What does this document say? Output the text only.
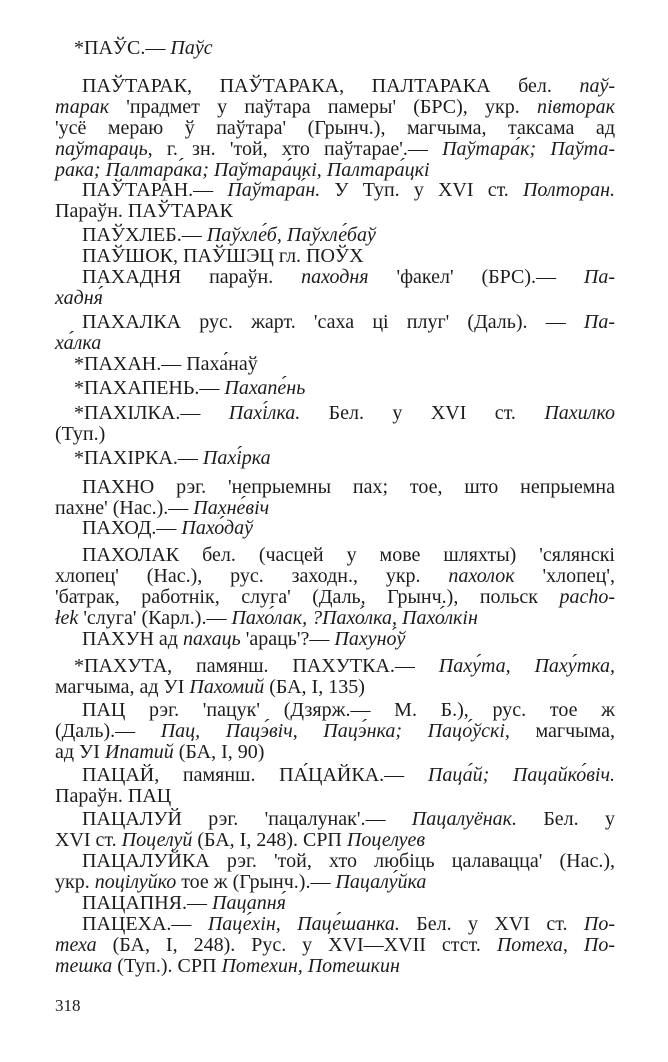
*ПАЎС.— Паўс
ПАЎТАРАК, ПАЎТАРАКА, ПАЛТАРАКА бел. паў-
тарак 'прадмет у паўтара памеры' (БРС), укр. півторак
'усё мераю ў паўтара' (Грынч.), магчыма, таксама ад
паўтараць, г. зн. 'той, хто паўтарае'.— Паўтара́к; Паўта-
ра́ка; Палтара́ка; Паўтара́цкі, Палтара́цкі
ПАЎТАРАН.— Паўтара́н. У Туп. у XVI ст. Полторан.
Параўн. ПАЎТАРАК
ПАЎХЛЕБ.— Паўхле́б, Паўхле́баў
ПАЎШОК, ПАЎШЭЦ гл. ПОЎХ
ПАХАДНЯ параўн. паходня 'факел' (БРС).— Па-
хадня́
ПАХАЛКА рус. жарт. 'саха ці плуг' (Даль). — Па-
ха́лка
*ПАХАН.— Паха́наў
*ПАХАПЕНЬ.— Пахапе́нь
*ПАХІЛКА.— Пахі́лка. Бел. у XVI ст. Пахилко
(Туп.)
*ПАХІРКА.— Пахі́рка
ПАХНО рэг. 'непрыемны пах; тое, што непрыемна
пахне' (Нас.).— Пахне́віч
ПАХОД.— Пахо́даў
ПАХОЛАК бел. (часцей у мове шляхты) 'сялянскі
хлопец' (Нас.), рус. заходн., укр. пахолок 'хлопец',
'батрак, работнік, слуга' (Даль, Грынч.), польск pacho-
łek 'слуга' (Карл.).— Пахо́лак, ?Пахо́лка, Пахо́лкін
ПАХУН ад пахаць 'араць'?— Пахуно́ў
*ПАХУТА, памянш. ПАХУТКА.— Паху́та, Паху́тка,
магчыма, ад УІ Пахомий (БА, I, 135)
ПАЦ рэг. 'пацук' (Дзярж.— М. Б.), рус. тое ж
(Даль).— Пац, Пацэ́віч, Пацэ́нка; Пацо́ўскі, магчыма,
ад УІ Ипатий (БА, I, 90)
ПАЦАЙ, памянш. ПА́ЦАЙКА.— Паца́й; Пацайко́віч.
Параўн. ПАЦ
ПАЦАЛУЙ рэг. 'пацалунак'.— Пацалуёнак. Бел. у
XVI ст. Поцелуй (БА, I, 248). СРП Поцелуев
ПАЦАЛУЙКА рэг. 'той, хто любіць цалавацца' (Нас.),
укр. поцілуйко тое ж (Грынч.).— Пацалу́йка
ПАЦАПНЯ.— Пацапня́
ПАЦЕХА.— Паце́хін, Паце́шанка. Бел. у XVI ст. По-
теха (БА, I, 248). Рус. у XVI—XVII стст. Потеха, По-
тешка (Туп.). СРП Потехин, Потешкин
318
